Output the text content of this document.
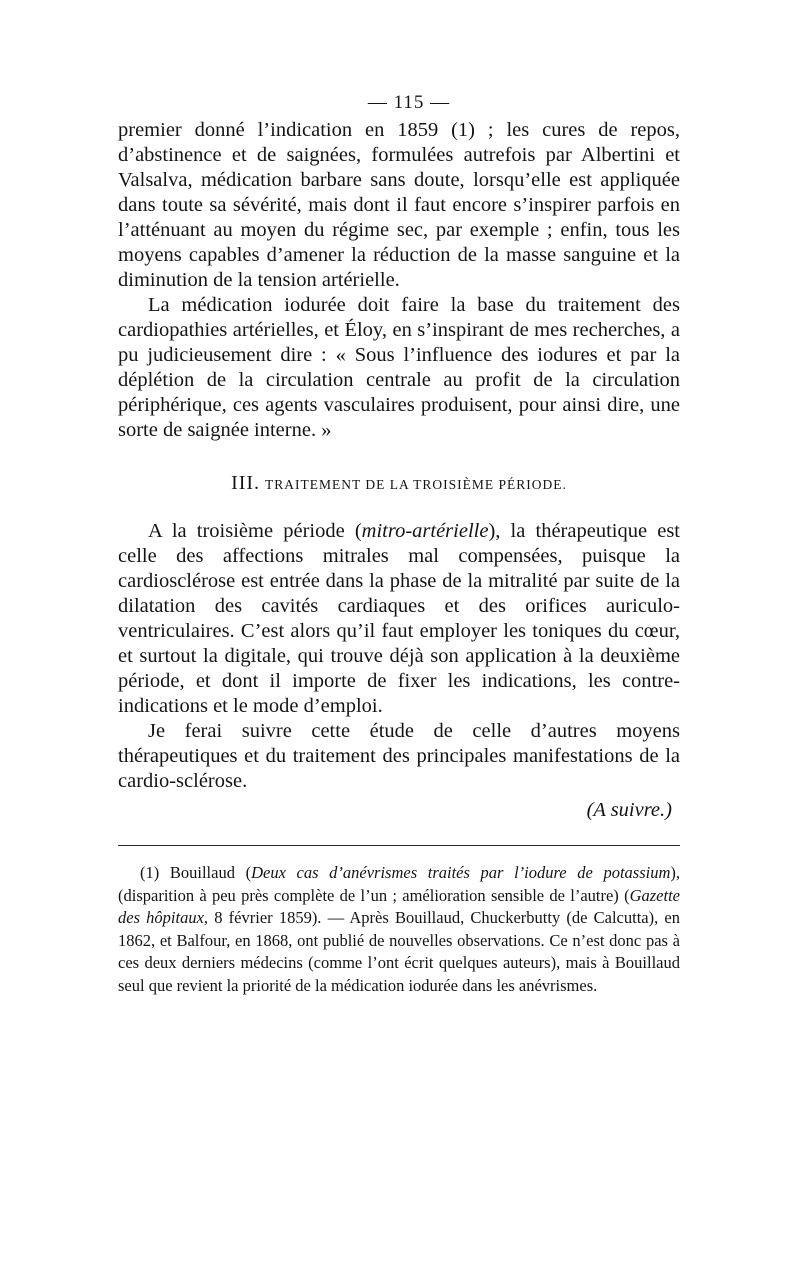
— 115 —

premier donné l’indication en 1859 (1) ; les cures de repos, d’abstinence et de saignées, formulées autrefois par Albertini et Valsalva, médication barbare sans doute, lorsqu’elle est appliquée dans toute sa sévérité, mais dont il faut encore s’inspirer parfois en l’atténuant au moyen du régime sec, par exemple ; enfin, tous les moyens capables d’amener la réduction de la masse sanguine et la diminution de la tension artérielle.

La médication iodurée doit faire la base du traitement des cardiopathies artérielles, et Éloy, en s’inspirant de mes recherches, a pu judicieusement dire : « Sous l’influence des iodures et par la déplétion de la circulation centrale au profit de la circulation périphérique, ces agents vasculaires produisent, pour ainsi dire, une sorte de saignée interne. »

III. TRAITEMENT DE LA TROISIÈME PÉRIODE.

A la troisième période (mitro-artérielle), la thérapeutique est celle des affections mitrales mal compensées, puisque la cardiosclérose est entrée dans la phase de la mitralité par suite de la dilatation des cavités cardiaques et des orifices auriculo-ventriculaires. C’est alors qu’il faut employer les toniques du cœur, et surtout la digitale, qui trouve déjà son application à la deuxième période, et dont il importe de fixer les indications, les contre-indications et le mode d’emploi.

Je ferai suivre cette étude de celle d’autres moyens thérapeutiques et du traitement des principales manifestations de la cardio-sclérose.

(A suivre.)

(1) Bouillaud (Deux cas d’anévrismes traités par l’iodure de potassium), (disparition à peu près complète de l’un ; amélioration sensible de l’autre) (Gazette des hôpitaux, 8 février 1859). — Après Bouillaud, Chuckerbutty (de Calcutta), en 1862, et Balfour, en 1868, ont publié de nouvelles observations. Ce n’est donc pas à ces deux derniers médecins (comme l’ont écrit quelques auteurs), mais à Bouillaud seul que revient la priorité de la médication iodurée dans les anévrismes.
